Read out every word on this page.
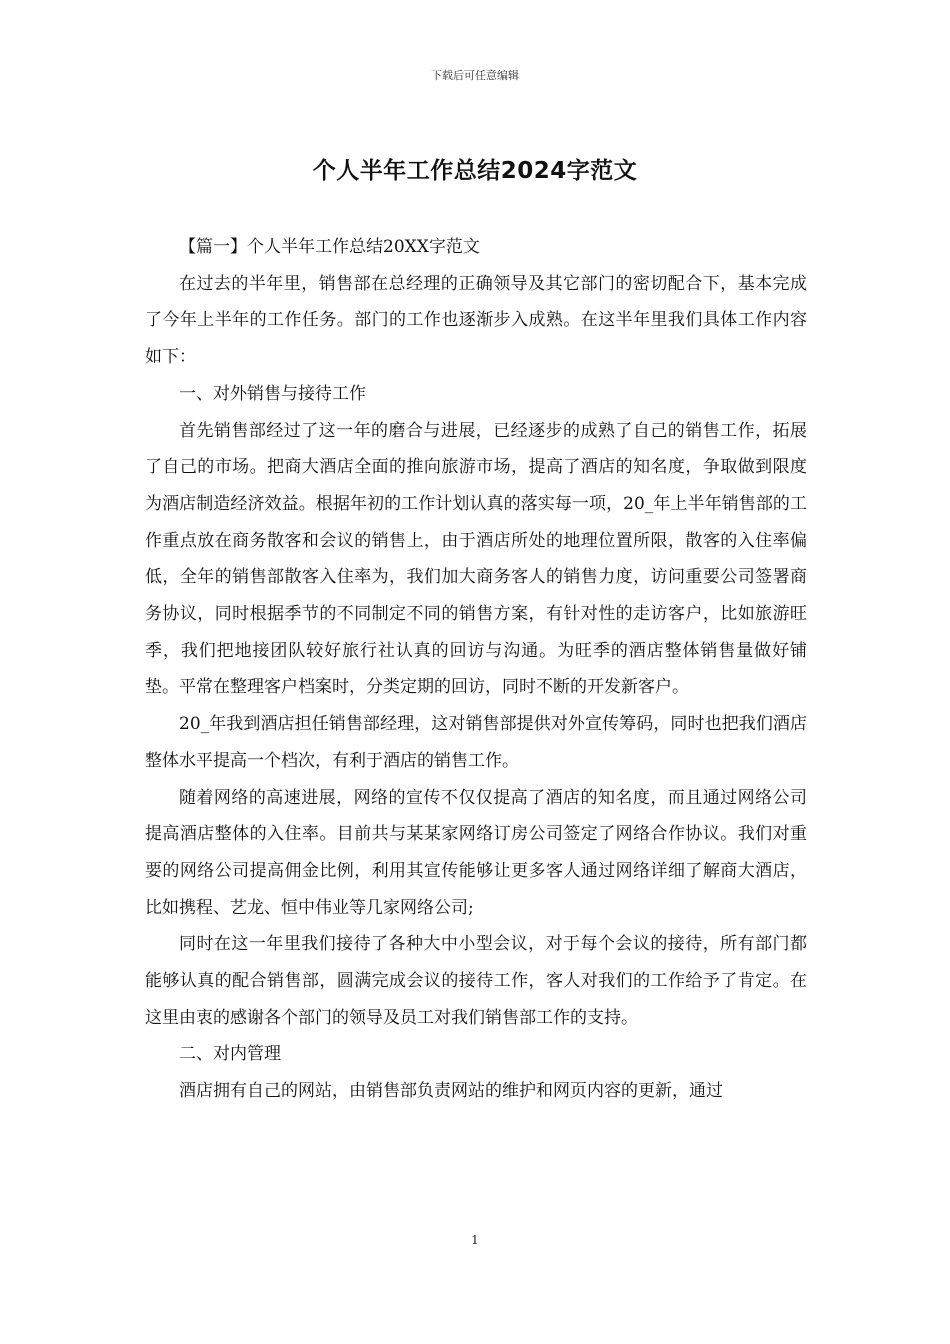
下载后可任意编辑
个人半年工作总结2024字范文

【篇一】个人半年工作总结20XX字范文

在过去的半年里，销售部在总经理的正确领导及其它部门的密切配合下，基本完成了今年上半年的工作任务。部门的工作也逐渐步入成熟。在这半年里我们具体工作内容如下：

一、对外销售与接待工作

首先销售部经过了这一年的磨合与进展，已经逐步的成熟了自己的销售工作，拓展了自己的市场。把商大酒店全面的推向旅游市场，提高了酒店的知名度，争取做到限度为酒店制造经济效益。根据年初的工作计划认真的落实每一项，20_年上半年销售部的工作重点放在商务散客和会议的销售上，由于酒店所处的地理位置所限，散客的入住率偏低，全年的销售部散客入住率为，我们加大商务客人的销售力度，访问重要公司签署商务协议，同时根据季节的不同制定不同的销售方案，有针对性的走访客户，比如旅游旺季，我们把地接团队较好旅行社认真的回访与沟通。为旺季的酒店整体销售量做好铺垫。平常在整理客户档案时，分类定期的回访，同时不断的开发新客户。

20_年我到酒店担任销售部经理，这对销售部提供对外宣传筹码，同时也把我们酒店整体水平提高一个档次，有利于酒店的销售工作。

随着网络的高速进展，网络的宣传不仅仅提高了酒店的知名度，而且通过网络公司提高酒店整体的入住率。目前共与某某家网络订房公司签定了网络合作协议。我们对重要的网络公司提高佣金比例，利用其宣传能够让更多客人通过网络详细了解商大酒店，比如携程、艺龙、恒中伟业等几家网络公司;

同时在这一年里我们接待了各种大中小型会议，对于每个会议的接待，所有部门都能够认真的配合销售部，圆满完成会议的接待工作，客人对我们的工作给予了肯定。在这里由衷的感谢各个部门的领导及员工对我们销售部工作的支持。

二、对内管理

酒店拥有自己的网站，由销售部负责网站的维护和网页内容的更新，通过

1
